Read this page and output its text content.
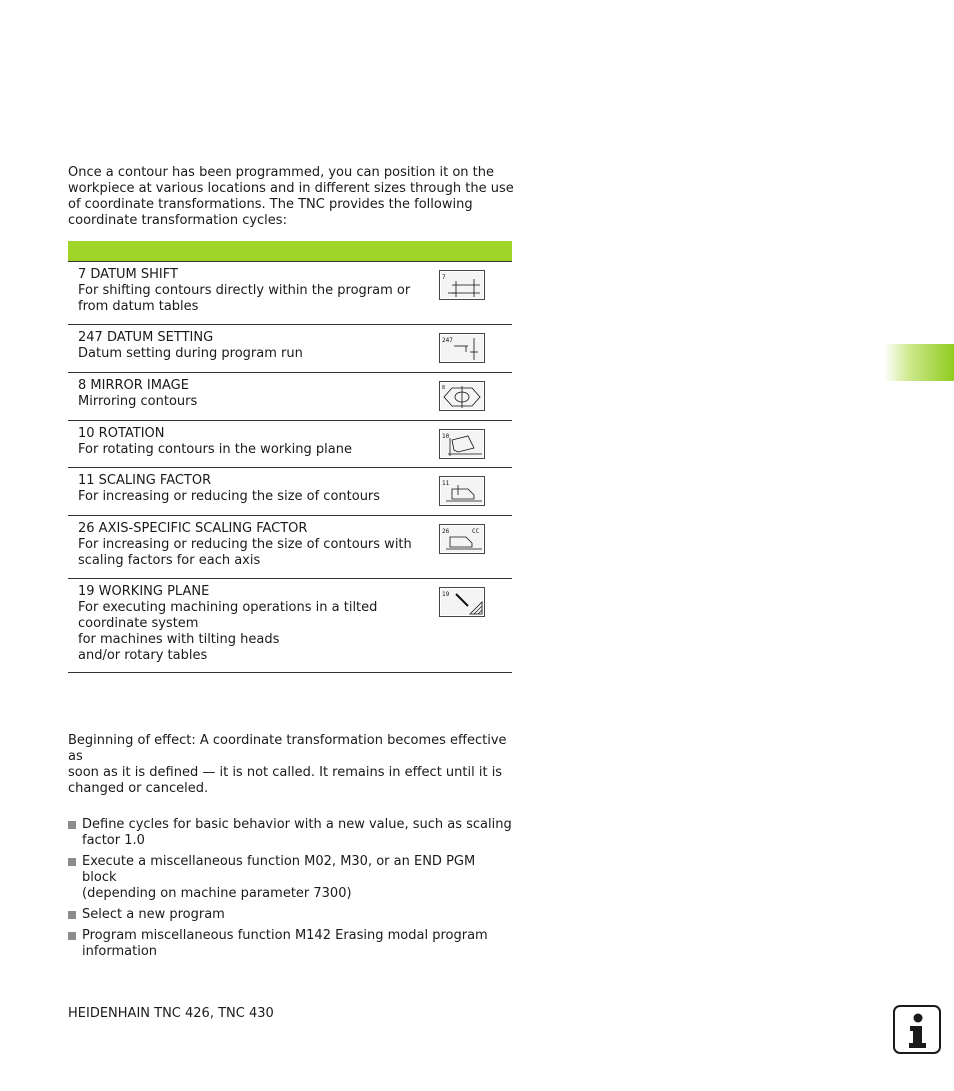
Once a contour has been programmed, you can position it on the

workpiece at various locations and in different sizes through the use

of coordinate transformations. The TNC provides the following

coordinate transformation cycles:

7 DATUM SHIFT
For shifting contours directly within the program or
from datum tables
7
247 DATUM SETTING
Datum setting during program run
247
8 MIRROR IMAGE
Mirroring contours
8
10 ROTATION
For rotating contours in the working plane
10
11 SCALING FACTOR
For increasing or reducing the size of contours
11
26 AXIS-SPECIFIC SCALING FACTOR
For increasing or reducing the size of contours with
scaling factors for each axis
26	CC
19 WORKING PLANE
For executing machining operations in a tilted
coordinate system
for machines with tilting heads
and/or rotary tables
19

Beginning of effect: A coordinate transformation becomes effective as

soon as it is defined — it is not called. It remains in effect until it is

changed or canceled.

Define cycles for basic behavior with a new value, such as scaling
factor 1.0
Execute a miscellaneous function M02, M30, or an END PGM block
(depending on machine parameter 7300)
Select a new program
Program miscellaneous function M142 Erasing modal program
information
HEIDENHAIN TNC 426, TNC 430
